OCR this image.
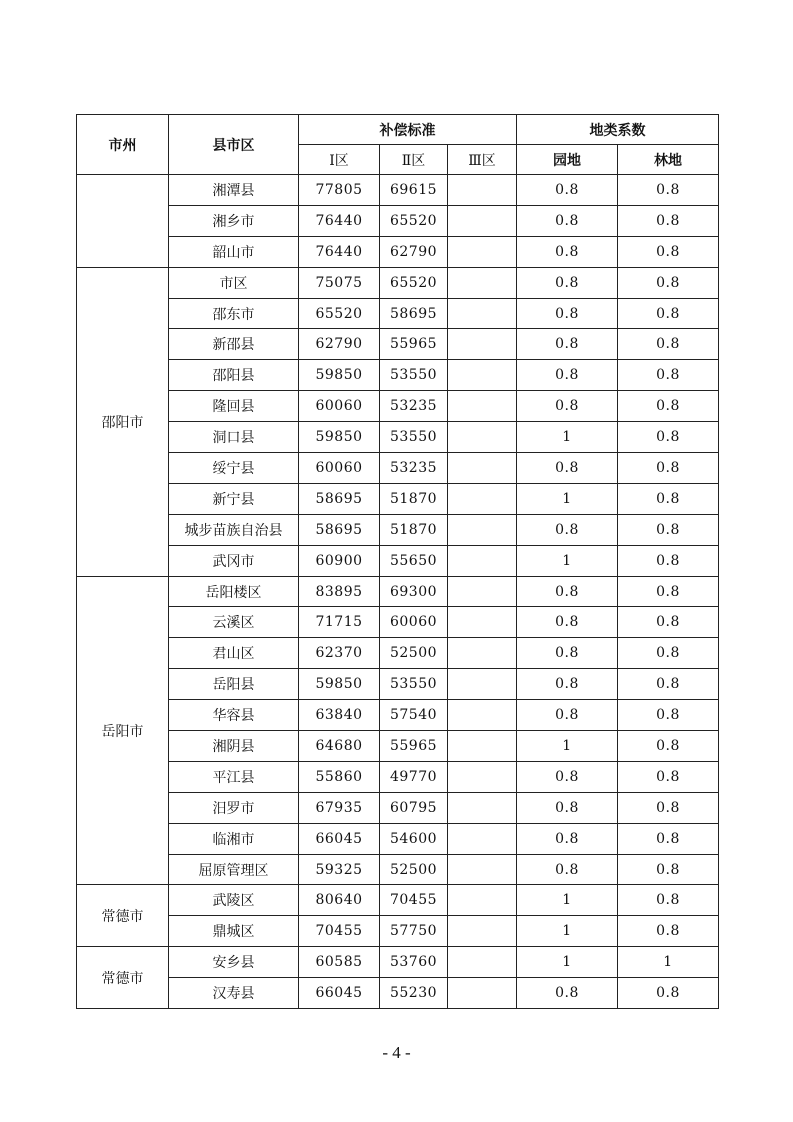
市州	县市区	补偿标准			地类系数	
		Ⅰ区	Ⅱ区	Ⅲ区	园地	林地
	湘潭县	77805	69615		0.8	0.8
	湘乡市	76440	65520		0.8	0.8
	韶山市	76440	62790		0.8	0.8
邵阳市	市区	75075	65520		0.8	0.8
	邵东市	65520	58695		0.8	0.8
	新邵县	62790	55965		0.8	0.8
	邵阳县	59850	53550		0.8	0.8
	隆回县	60060	53235		0.8	0.8
	洞口县	59850	53550		1	0.8
	绥宁县	60060	53235		0.8	0.8
	新宁县	58695	51870		1	0.8
	城步苗族自治县	58695	51870		0.8	0.8
	武冈市	60900	55650		1	0.8
岳阳市	岳阳楼区	83895	69300		0.8	0.8
	云溪区	71715	60060		0.8	0.8
	君山区	62370	52500		0.8	0.8
	岳阳县	59850	53550		0.8	0.8
	华容县	63840	57540		0.8	0.8
	湘阴县	64680	55965		1	0.8
	平江县	55860	49770		0.8	0.8
	汨罗市	67935	60795		0.8	0.8
	临湘市	66045	54600		0.8	0.8
	屈原管理区	59325	52500		0.8	0.8
常德市	武陵区	80640	70455		1	0.8
	鼎城区	70455	57750		1	0.8
常德市	安乡县	60585	53760		1	1
	汉寿县	66045	55230		0.8	0.8
- 4 -
